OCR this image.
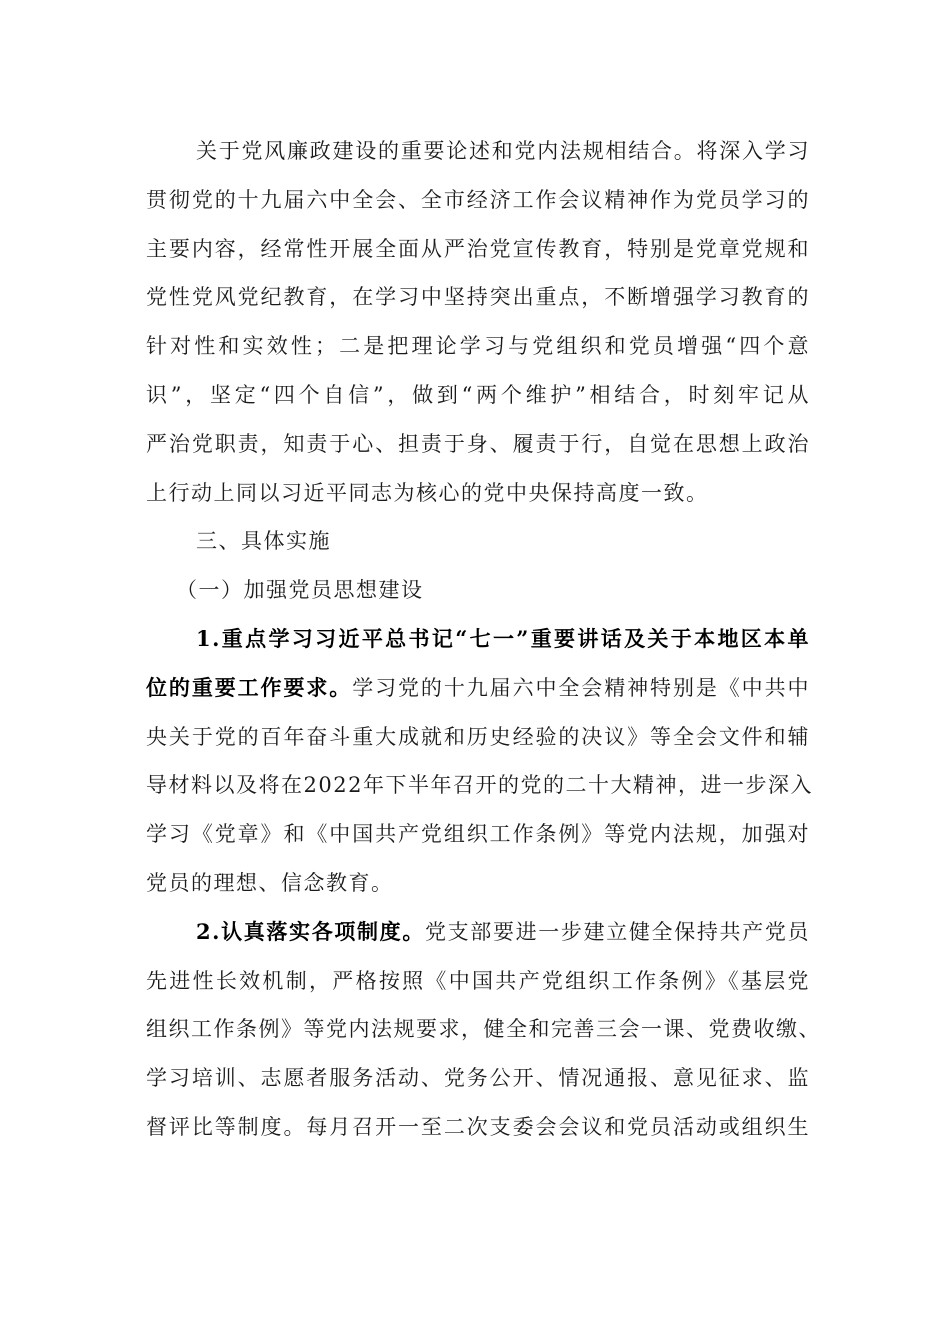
关于党风廉政建设的重要论述和党内法规相结合。将深入学习
贯彻党的十九届六中全会、全市经济工作会议精神作为党员学习的
主要内容，经常性开展全面从严治党宣传教育，特别是党章党规和
党性党风党纪教育，在学习中坚持突出重点，不断增强学习教育的
针对性和实效性；二是把理论学习与党组织和党员增强“四个意
识”，坚定“四个自信”，做到“两个维护”相结合，时刻牢记从
严治党职责，知责于心、担责于身、履责于行，自觉在思想上政治
上行动上同以习近平同志为核心的党中央保持高度一致。
三、具体实施
（一）加强党员思想建设
1.重点学习习近平总书记“七一”重要讲话及关于本地区本单
位的重要工作要求。学习党的十九届六中全会精神特别是《中共中
央关于党的百年奋斗重大成就和历史经验的决议》等全会文件和辅
导材料以及将在2022年下半年召开的党的二十大精神，进一步深入
学习《党章》和《中国共产党组织工作条例》等党内法规，加强对
党员的理想、信念教育。
2.认真落实各项制度。党支部要进一步建立健全保持共产党员
先进性长效机制，严格按照《中国共产党组织工作条例》《基层党
组织工作条例》等党内法规要求，健全和完善三会一课、党费收缴、
学习培训、志愿者服务活动、党务公开、情况通报、意见征求、监
督评比等制度。每月召开一至二次支委会会议和党员活动或组织生
